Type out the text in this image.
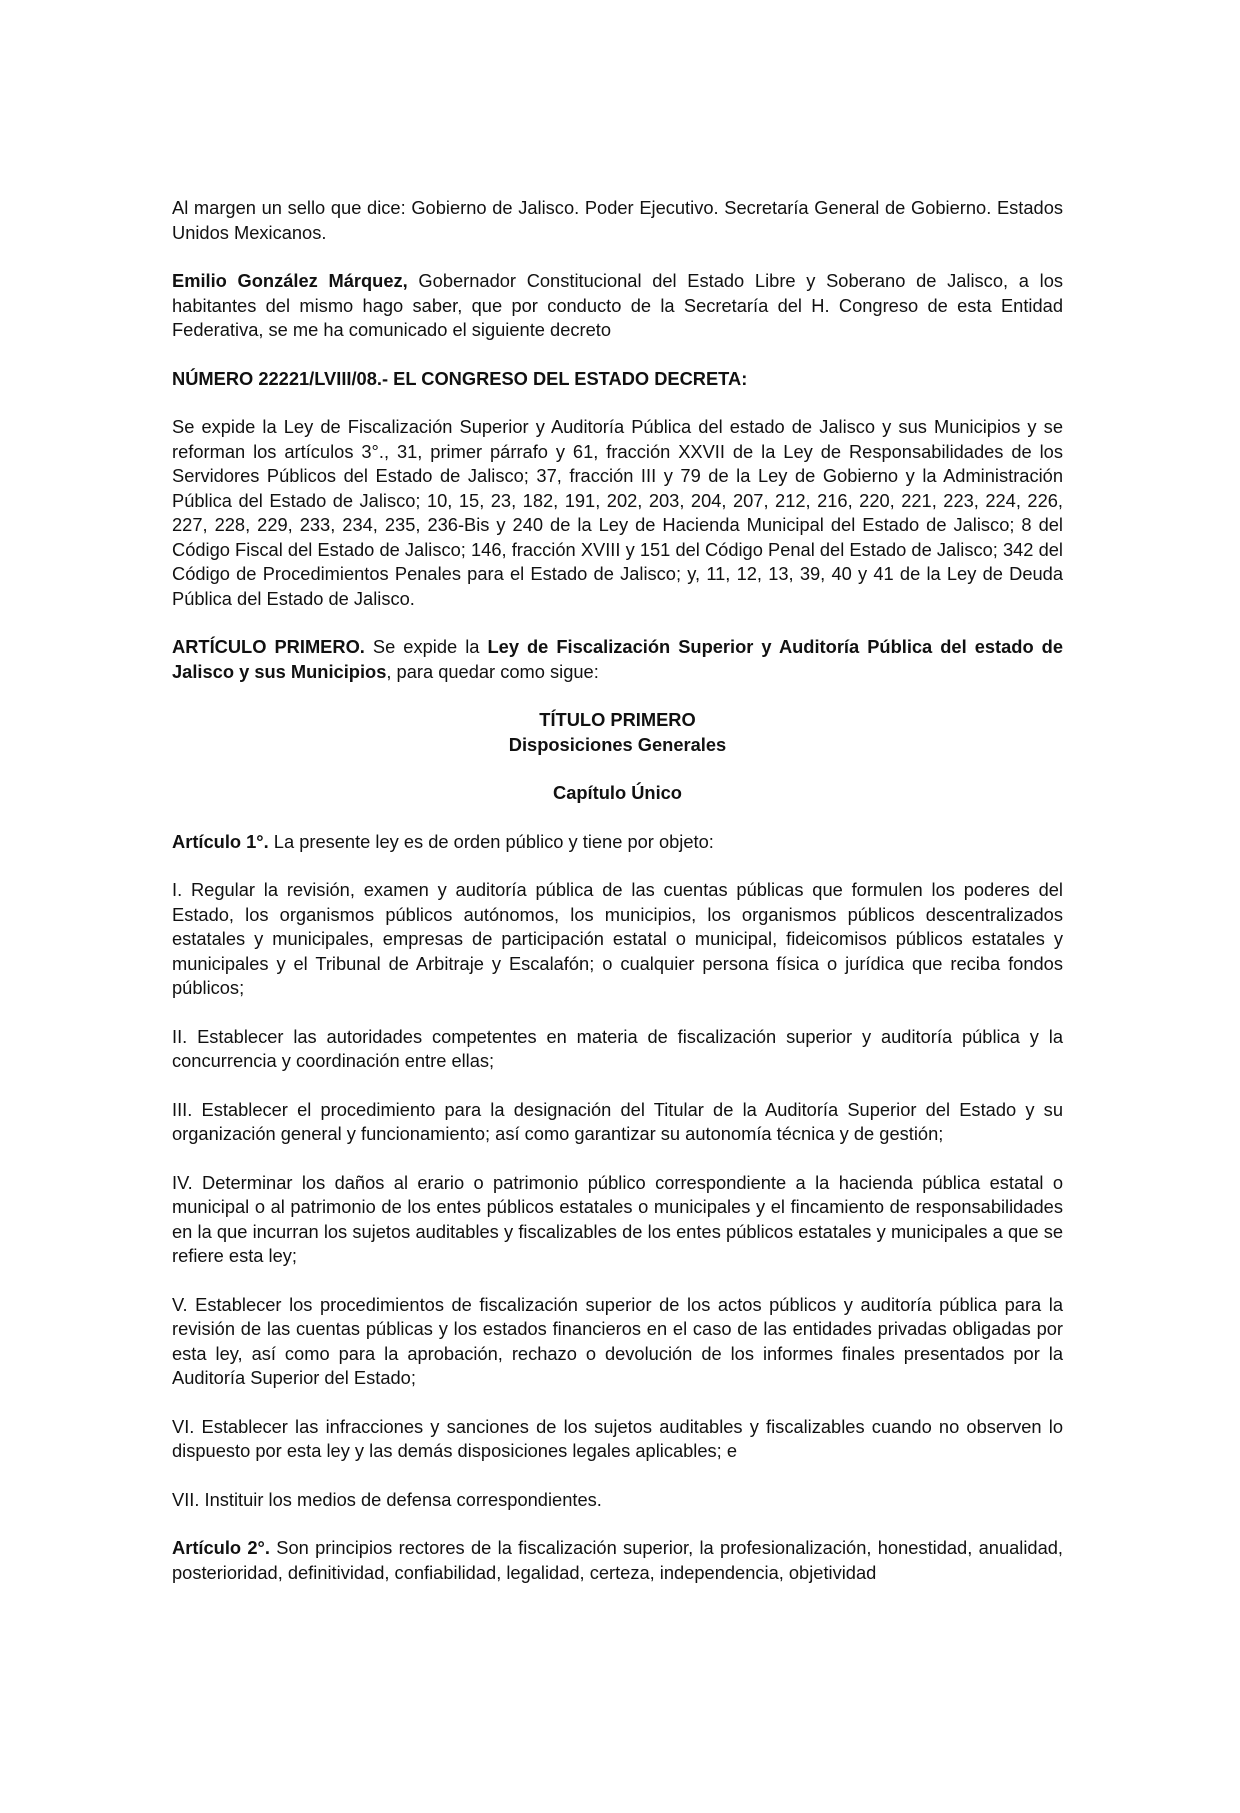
Al margen un sello que dice: Gobierno de Jalisco. Poder Ejecutivo. Secretaría General de Gobierno. Estados Unidos Mexicanos.

Emilio González Márquez, Gobernador Constitucional del Estado Libre y Soberano de Jalisco, a los habitantes del mismo hago saber, que por conducto de la Secretaría del H. Congreso de esta Entidad Federativa, se me ha comunicado el siguiente decreto

NÚMERO 22221/LVIII/08.- EL CONGRESO DEL ESTADO DECRETA:

Se expide la Ley de Fiscalización Superior y Auditoría Pública del estado de Jalisco y sus Municipios y se reforman los artículos 3°., 31, primer párrafo y 61, fracción XXVII de la Ley de Responsabilidades de los Servidores Públicos del Estado de Jalisco; 37, fracción III y 79 de la Ley de Gobierno y la Administración Pública del Estado de Jalisco; 10, 15, 23, 182, 191, 202, 203, 204, 207, 212, 216, 220, 221, 223, 224, 226, 227, 228, 229, 233, 234, 235, 236-Bis y 240 de la Ley de Hacienda Municipal del Estado de Jalisco; 8 del Código Fiscal del Estado de Jalisco; 146, fracción XVIII y 151 del Código Penal del Estado de Jalisco; 342 del Código de Procedimientos Penales para el Estado de Jalisco; y, 11, 12, 13, 39, 40 y 41 de la Ley de Deuda Pública del Estado de Jalisco.

ARTÍCULO PRIMERO. Se expide la Ley de Fiscalización Superior y Auditoría Pública del estado de Jalisco y sus Municipios, para quedar como sigue:

TÍTULO PRIMERO

Disposiciones Generales

Capítulo Único

Artículo 1°. La presente ley es de orden público y tiene por objeto:

I. Regular la revisión, examen y auditoría pública de las cuentas públicas que formulen los poderes del Estado, los organismos públicos autónomos, los municipios, los organismos públicos descentralizados estatales y municipales, empresas de participación estatal o municipal, fideicomisos públicos estatales y municipales y el Tribunal de Arbitraje y Escalafón; o cualquier persona física o jurídica que reciba fondos públicos;

II. Establecer las autoridades competentes en materia de fiscalización superior y auditoría pública y la concurrencia y coordinación entre ellas;

III. Establecer el procedimiento para la designación del Titular de la Auditoría Superior del Estado y su organización general y funcionamiento; así como garantizar su autonomía técnica y de gestión;

IV. Determinar los daños al erario o patrimonio público correspondiente a la hacienda pública estatal o municipal o al patrimonio de los entes públicos estatales o municipales y el fincamiento de responsabilidades en la que incurran los sujetos auditables y fiscalizables de los entes públicos estatales y municipales a que se refiere esta ley;

V. Establecer los procedimientos de fiscalización superior de los actos públicos y auditoría pública para la revisión de las cuentas públicas y los estados financieros en el caso de las entidades privadas obligadas por esta ley, así como para la aprobación, rechazo o devolución de los informes finales presentados por la Auditoría Superior del Estado;

VI. Establecer las infracciones y sanciones de los sujetos auditables y fiscalizables cuando no observen lo dispuesto por esta ley y las demás disposiciones legales aplicables; e

VII. Instituir los medios de defensa correspondientes.

Artículo 2°. Son principios rectores de la fiscalización superior, la profesionalización, honestidad, anualidad, posterioridad, definitividad, confiabilidad, legalidad, certeza, independencia, objetividad
